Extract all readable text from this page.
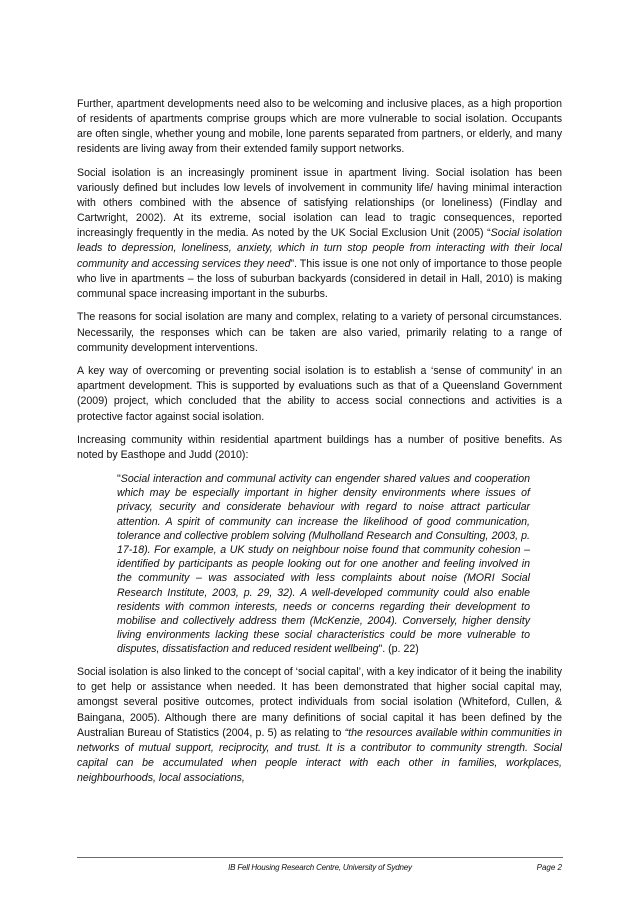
Further, apartment developments need also to be welcoming and inclusive places, as a high proportion of residents of apartments comprise groups which are more vulnerable to social isolation. Occupants are often single, whether young and mobile, lone parents separated from partners, or elderly, and many residents are living away from their extended family support networks.

Social isolation is an increasingly prominent issue in apartment living. Social isolation has been variously defined but includes low levels of involvement in community life/ having minimal interaction with others combined with the absence of satisfying relationships (or loneliness) (Findlay and Cartwright, 2002). At its extreme, social isolation can lead to tragic consequences, reported increasingly frequently in the media. As noted by the UK Social Exclusion Unit (2005) “Social isolation leads to depression, loneliness, anxiety, which in turn stop people from interacting with their local community and accessing services they need”. This issue is one not only of importance to those people who live in apartments – the loss of suburban backyards (considered in detail in Hall, 2010) is making communal space increasing important in the suburbs.

The reasons for social isolation are many and complex, relating to a variety of personal circumstances. Necessarily, the responses which can be taken are also varied, primarily relating to a range of community development interventions.

A key way of overcoming or preventing social isolation is to establish a ‘sense of community’ in an apartment development. This is supported by evaluations such as that of a Queensland Government (2009) project, which concluded that the ability to access social connections and activities is a protective factor against social isolation.

Increasing community within residential apartment buildings has a number of positive benefits. As noted by Easthope and Judd (2010):

"Social interaction and communal activity can engender shared values and cooperation which may be especially important in higher density environments where issues of privacy, security and considerate behaviour with regard to noise attract particular attention. A spirit of community can increase the likelihood of good communication, tolerance and collective problem solving (Mulholland Research and Consulting, 2003, p. 17-18). For example, a UK study on neighbour noise found that community cohesion – identified by participants as people looking out for one another and feeling involved in the community – was associated with less complaints about noise (MORI Social Research Institute, 2003, p. 29, 32). A well-developed community could also enable residents with common interests, needs or concerns regarding their development to mobilise and collectively address them (McKenzie, 2004). Conversely, higher density living environments lacking these social characteristics could be more vulnerable to disputes, dissatisfaction and reduced resident wellbeing". (p. 22)

Social isolation is also linked to the concept of ‘social capital’, with a key indicator of it being the inability to get help or assistance when needed. It has been demonstrated that higher social capital may, amongst several positive outcomes, protect individuals from social isolation (Whiteford, Cullen, & Baingana, 2005). Although there are many definitions of social capital it has been defined by the Australian Bureau of Statistics (2004, p. 5) as relating to “the resources available within communities in networks of mutual support, reciprocity, and trust. It is a contributor to community strength. Social capital can be accumulated when people interact with each other in families, workplaces, neighbourhoods, local associations,

IB Fell Housing Research Centre, University of Sydney	Page 2
